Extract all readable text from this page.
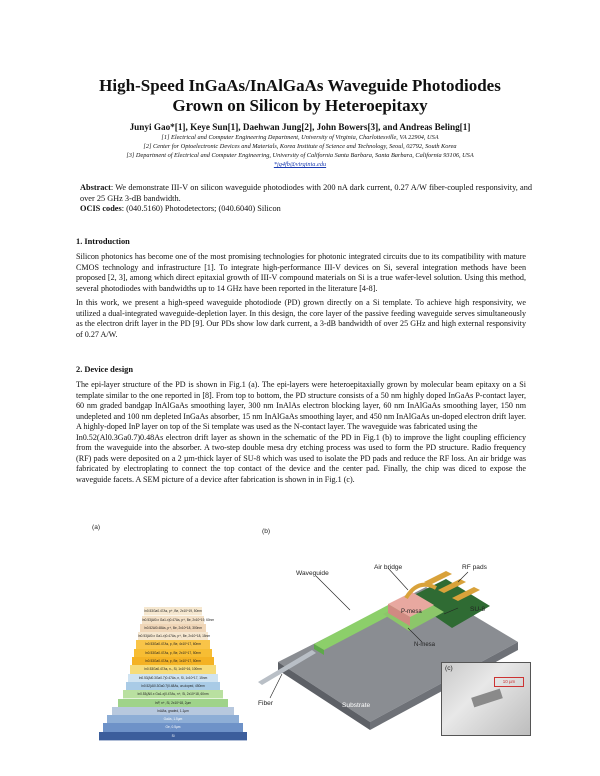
High-Speed InGaAs/InAlGaAs Waveguide Photodiodes
Grown on Silicon by Heteroepitaxy
Junyi Gao*[1], Keye Sun[1], Daehwan Jung[2], John Bowers[3], and Andreas Beling[1]
[1] Electrical and Computer Engineering Department, University of Virginia, Charlottesville, VA 22904, USA
[2] Center for Optoelectronic Devices and Materials, Korea Institute of Science and Technology, Seoul, 02792, South Korea
[3] Department of Electrical and Computer Engineering, University of California Santa Barbara, Santa Barbara, California 93106, USA
*jg4fb@virginia.edu
Abstract: We demonstrate III-V on silicon waveguide photodiodes with 200 nA dark current, 0.27 A/W fiber-coupled responsivity, and over 25 GHz 3-dB bandwidth.
OCIS codes: (040.5160) Photodetectors; (040.6040) Silicon
1. Introduction

Silicon photonics has become one of the most promising technologies for photonic integrated circuits due to its compatibility with mature CMOS technology and infrastructure [1]. To integrate high-performance III-V devices on Si, several integration methods have been proposed [2, 3], among which direct epitaxial growth of III-V compound materials on Si is a true wafer-level solution. Using this method, several photodiodes with bandwidths up to 14 GHz have been reported in the literature [4-8].

In this work, we present a high-speed waveguide photodiode (PD) grown directly on a Si template. To achieve high responsivity, we utilized a dual-integrated waveguide-depletion layer. In this design, the core layer of the passive feeding waveguide serves simultaneously as the electron drift layer in the PD [9]. Our PDs show low dark current, a 3-dB bandwidth of over 25 GHz and high external responsivity of 0.27 A/W.

2. Device design

The epi-layer structure of the PD is shown in Fig.1 (a). The epi-layers were heteroepitaxially grown by molecular beam epitaxy on a Si template similar to the one reported in [8]. From top to bottom, the PD structure consists of a 50 nm highly doped InGaAs P-contact layer, 60 nm graded bandgap InAlGaAs smoothing layer, 300 nm InAlAs electron blocking layer, 60 nm InAlGaAs smoothing layer, 150 nm undepleted and 100 nm depleted InGaAs absorber, 15 nm InAlGaAs smoothing layer, and 450 nm InAlGaAs un-doped electron drift layer. A highly-doped InP layer on top of the Si template was used as the N-contact layer. The waveguide was fabricated using the

In0.52(Al0.3Ga0.7)0.48As electron drift layer as shown in the schematic of the PD in Fig.1 (b) to improve the light coupling efficiency from the waveguide into the absorber. A two-step double mesa dry etching process was used to form the PD structure. Radio frequency (RF) pads were deposited on a 2 µm-thick layer of SU-8 which was used to isolate the PD pads and reduce the RF loss. An air bridge was fabricated by electroplating to connect the top contact of the device and the center pad. Finally, the chip was diced to expose the waveguide facets. A SEM picture of a device after fabrication is shown in in Fig.1 (c).

(a)
(b)
In0.53Ga0.47As, p+, Be, 2x10^19, 50nm
In0.53(Al0.x Ga1-x)0.47As, p+, Be, 2x10^19, 60nm
In0.52Al0.48As, p+, Be, 2x10^18, 300nm
In0.53(Al0.x Ga1-x)0.47As, p+, Be, 2x10^18, 15nm
In0.53Ga0.47As, p, Be, 4x10^17, 60nm
In0.53Ga0.47As, p, Be, 2x10^17, 50nm
In0.53Ga0.47As, p, Be, 1x10^17, 50nm
In0.53Ga0.47As, n-, Si, 1x10^16, 100nm
In0.53(Al0.3Ga0.7)0.47As, n, Si, 1x10^17, 15nm
In0.52(Al0.3Ga0.7)0.48As, un-doped, 450nm
In0.53(Al0.x Ga1-x)0.47As, n+, Si, 2x10^18, 60nm
InP, n+, Si, 2x10^18, 2µm
InAlAs, graded, 1.1µm
GaAs, 1.5µm
Ge, 0.5µm
Si
Air bridge	RF pads
Waveguide
P-mesa	SU-8
N-mesa
Fiber	Substrate
(c)
10 µm
